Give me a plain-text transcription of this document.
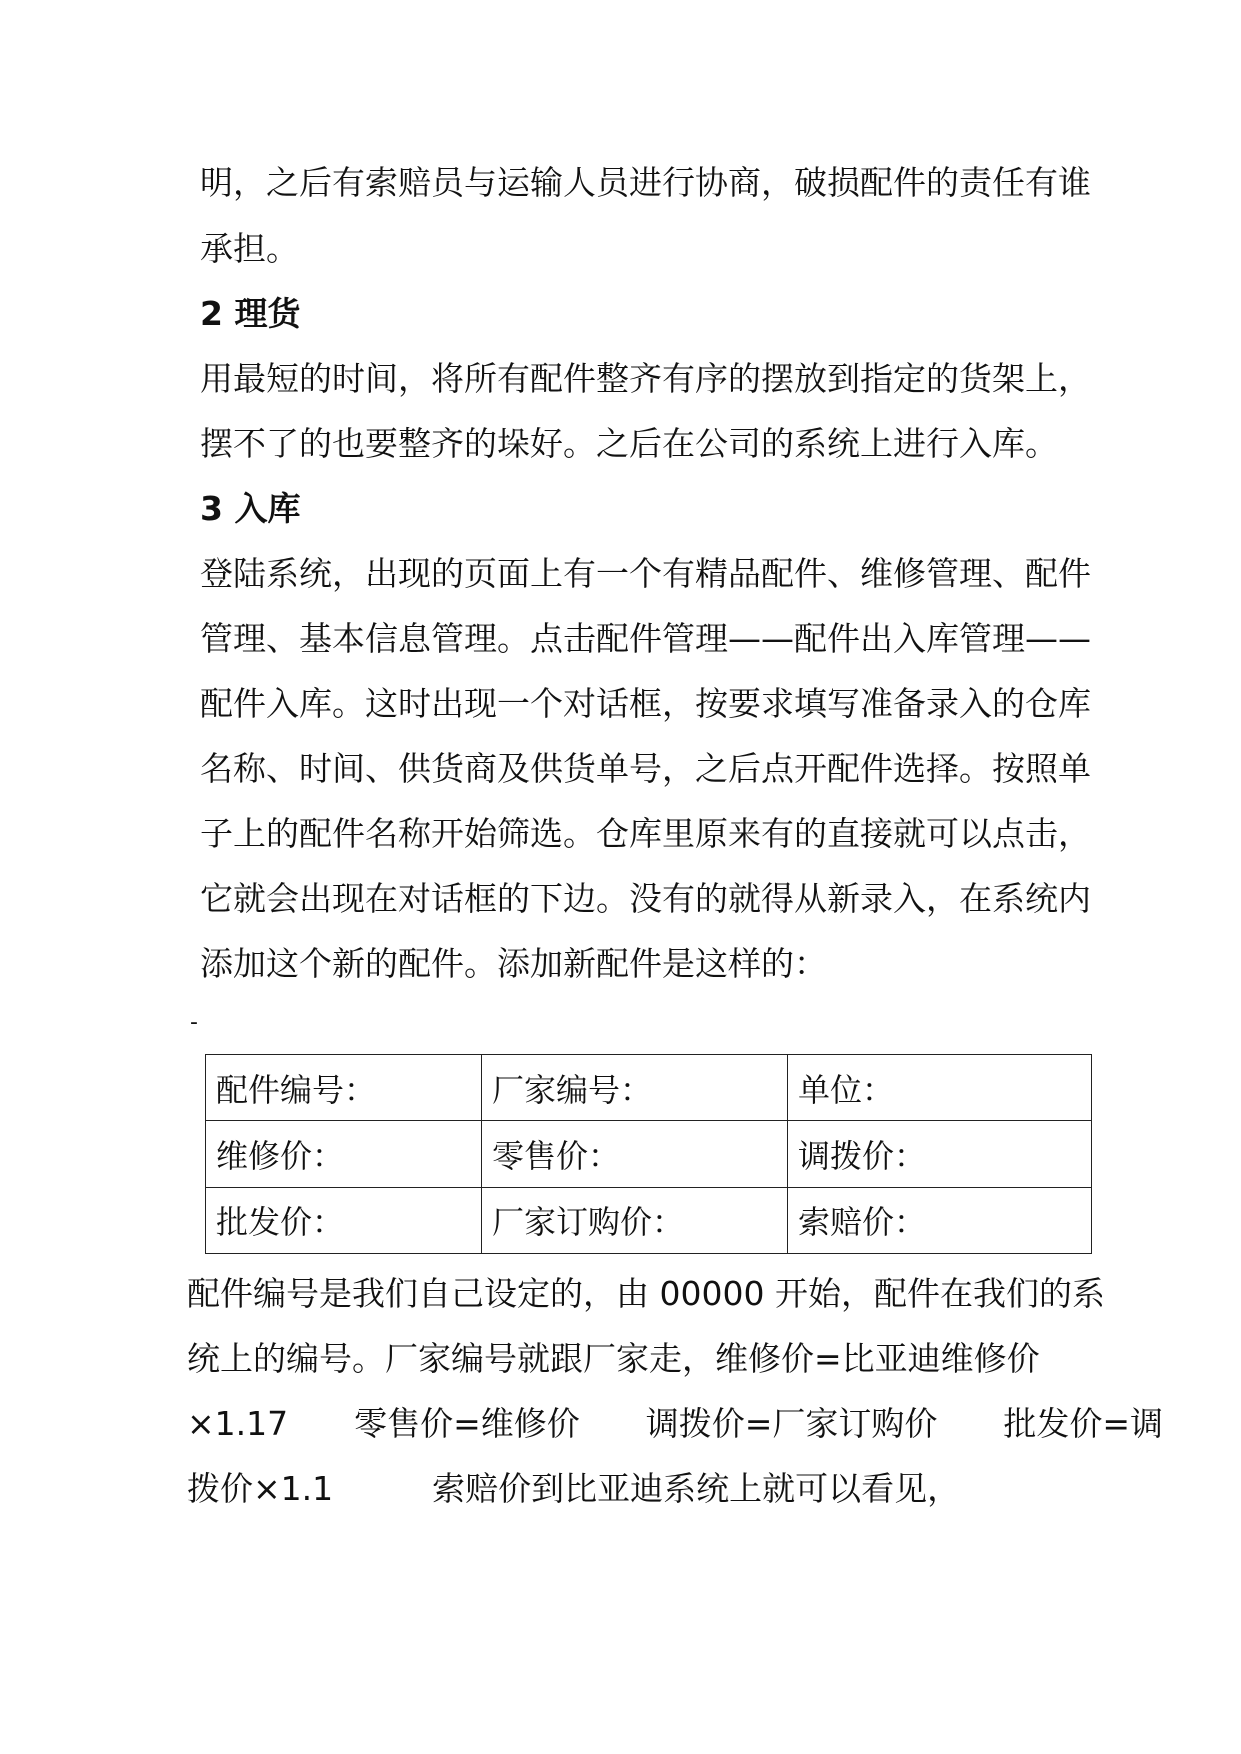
明，之后有索赔员与运输人员进行协商，破损配件的责任有谁
承担。
2 理货
用最短的时间，将所有配件整齐有序的摆放到指定的货架上，
摆不了的也要整齐的垛好。之后在公司的系统上进行入库。
3 入库
登陆系统，出现的页面上有一个有精品配件、维修管理、配件
管理、基本信息管理。点击配件管理——配件出入库管理——
配件入库。这时出现一个对话框，按要求填写准备录入的仓库
名称、时间、供货商及供货单号，之后点开配件选择。按照单
子上的配件名称开始筛选。仓库里原来有的直接就可以点击，
它就会出现在对话框的下边。没有的就得从新录入，在系统内
添加这个新的配件。添加新配件是这样的：
-
配件编号：	厂家编号：	单位：
维修价：	零售价：	调拨价：
批发价：	厂家订购价：	索赔价：
配件编号是我们自己设定的，由 00000 开始，配件在我们的系
统上的编号。厂家编号就跟厂家走，维修价=比亚迪维修价
×1.17　　零售价=维修价　　调拨价=厂家订购价　　批发价=调
拨价×1.1　　　索赔价到比亚迪系统上就可以看见，
